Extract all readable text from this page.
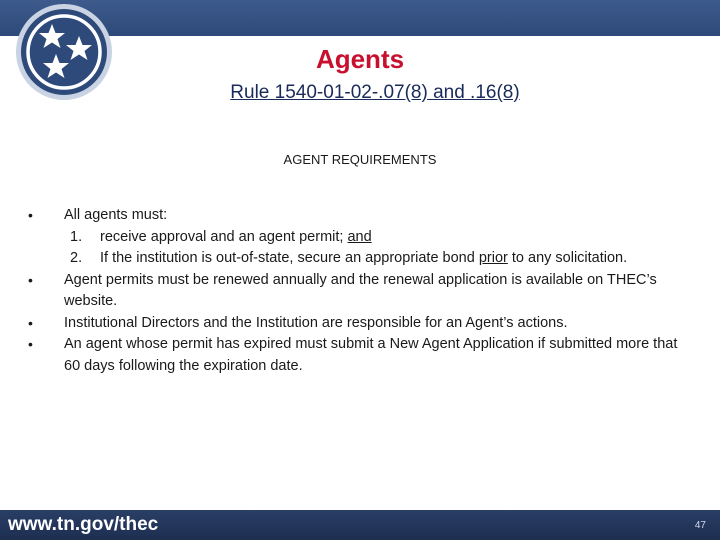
Agents
Rule 1540-01-02-.07(8) and .16(8)
AGENT REQUIREMENTS
•	All agents must:
1. receive approval and an agent permit; and
2. If the institution is out-of-state, secure an appropriate bond prior to any solicitation.
•	Agent permits must be renewed annually and the renewal application is available on THEC’s website.
•	Institutional Directors and the Institution are responsible for an Agent’s actions.
•	An agent whose permit has expired must submit a New Agent Application if submitted more that 60 days following the expiration date.
www.tn.gov/thec	47
